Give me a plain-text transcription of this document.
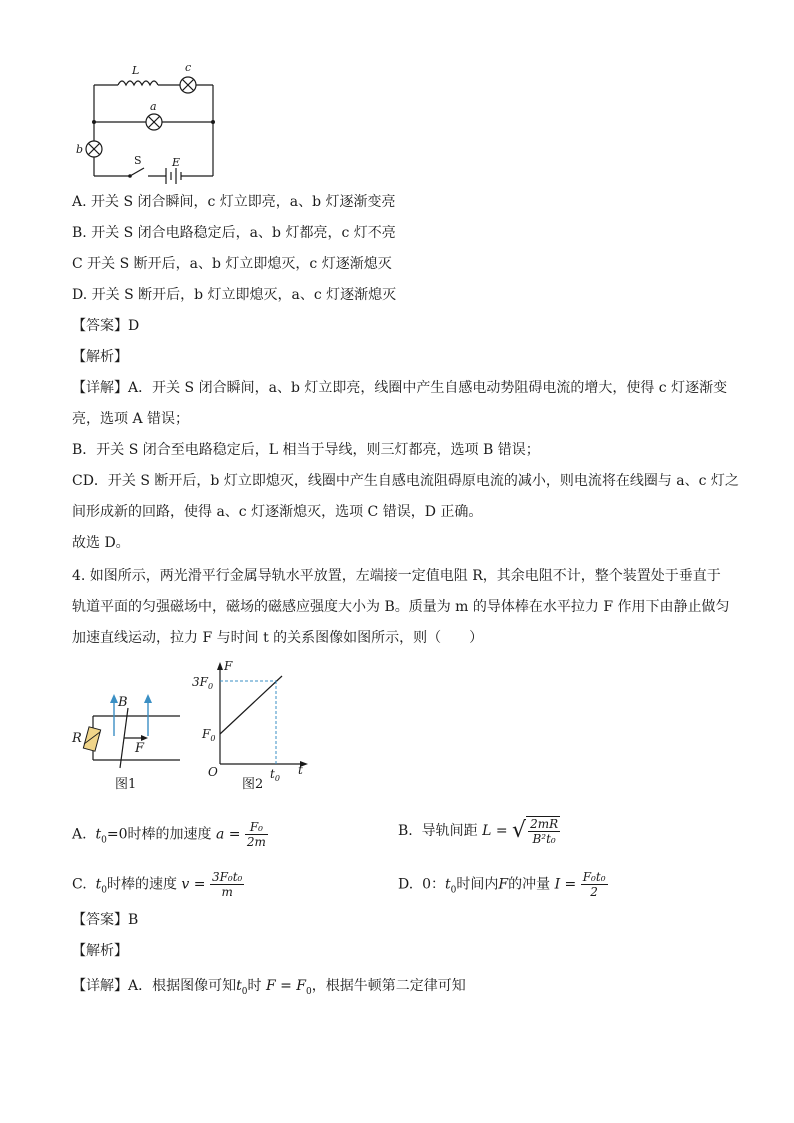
L	c
a
b
E
S
A. 开关 S 闭合瞬间，c 灯立即亮，a、b 灯逐渐变亮
B. 开关 S 闭合电路稳定后，a、b 灯都亮，c 灯不亮
C 开关 S 断开后，a、b 灯立即熄灭，c 灯逐渐熄灭
D. 开关 S 断开后，b 灯立即熄灭，a、c 灯逐渐熄灭
【答案】D
【解析】
【详解】A．开关 S 闭合瞬间，a、b 灯立即亮，线圈中产生自感电动势阻碍电流的增大，使得 c 灯逐渐变
亮，选项 A 错误；
B．开关 S 闭合至电路稳定后，L 相当于导线，则三灯都亮，选项 B 错误；
CD．开关 S 断开后，b 灯立即熄灭，线圈中产生自感电流阻碍原电流的减小，则电流将在线圈与 a、c 灯之
间形成新的回路，使得 a、c 灯逐渐熄灭，选项 C 错误，D 正确。
故选 D。
4. 如图所示，两光滑平行金属导轨水平放置，左端接一定值电阻 R，其余电阻不计，整个装置处于垂直于
轨道平面的匀强磁场中，磁场的磁感应强度大小为 B。质量为 m 的导体棒在水平拉力 F 作用下由静止做匀
加速直线运动，拉力 F 与时间 t 的关系图像如图所示，则（　　）
R
B
F
图1
F
t
O
$3F_0$
$F_0$
$t_0$
图2
A. $t_0=0$时棒的加速度 $a = \frac{\text{F₀}}{2m}$	B. 导轨间距 L = √ $\frac{2mR}{\text{B²t₀}}$
C. $t_0$时棒的速度 $v = \frac{\text{3F₀t₀}}{m}$	D. 0：$t_0$时间内F的冲量 $I = \frac{\text{F₀t₀}}{2}$
【答案】B
【解析】
【详解】A．根据图像可知$t_0$时 $F = F_0$，根据牛顿第二定律可知
